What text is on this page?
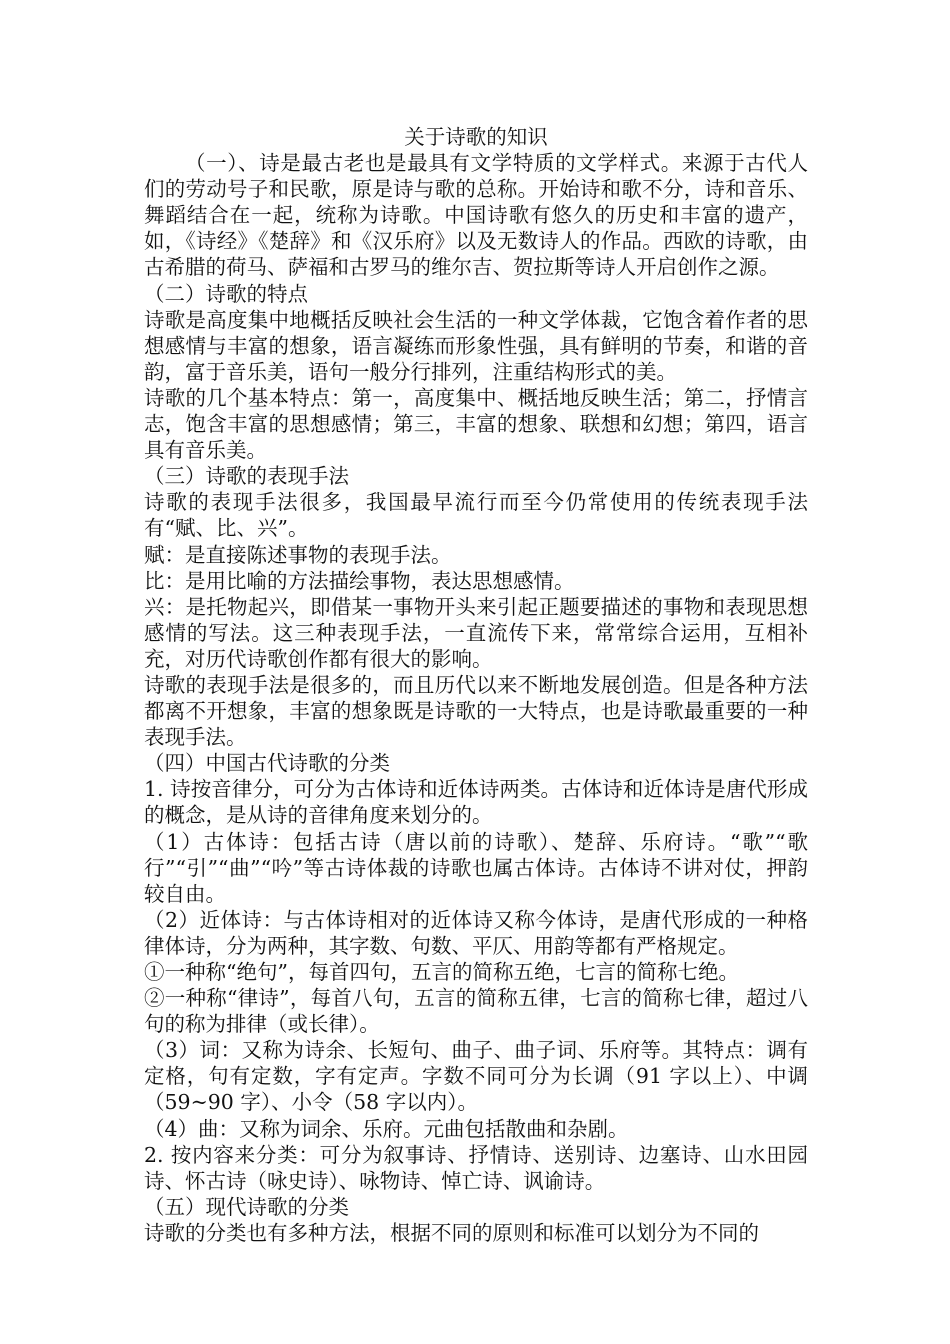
关于诗歌的知识

（一）、诗是最古老也是最具有文学特质的文学样式。来源于古代人们的劳动号子和民歌，原是诗与歌的总称。开始诗和歌不分，诗和音乐、舞蹈结合在一起，统称为诗歌。中国诗歌有悠久的历史和丰富的遗产，如，《诗经》《楚辞》和《汉乐府》以及无数诗人的作品。西欧的诗歌，由古希腊的荷马、萨福和古罗马的维尔吉、贺拉斯等诗人开启创作之源。

（二）诗歌的特点

诗歌是高度集中地概括反映社会生活的一种文学体裁，它饱含着作者的思想感情与丰富的想象，语言凝练而形象性强，具有鲜明的节奏，和谐的音韵，富于音乐美，语句一般分行排列，注重结构形式的美。

诗歌的几个基本特点：第一，高度集中、概括地反映生活；第二，抒情言志，饱含丰富的思想感情；第三，丰富的想象、联想和幻想；第四，语言具有音乐美。

（三）诗歌的表现手法

诗歌的表现手法很多，我国最早流行而至今仍常使用的传统表现手法有“赋、比、兴”。

赋：是直接陈述事物的表现手法。

比：是用比喻的方法描绘事物，表达思想感情。

兴：是托物起兴，即借某一事物开头来引起正题要描述的事物和表现思想感情的写法。这三种表现手法，一直流传下来，常常综合运用，互相补充，对历代诗歌创作都有很大的影响。

诗歌的表现手法是很多的，而且历代以来不断地发展创造。但是各种方法都离不开想象，丰富的想象既是诗歌的一大特点，也是诗歌最重要的一种表现手法。

（四）中国古代诗歌的分类

1. 诗按音律分，可分为古体诗和近体诗两类。古体诗和近体诗是唐代形成的概念，是从诗的音律角度来划分的。

（1）古体诗：包括古诗（唐以前的诗歌）、楚辞、乐府诗。“歌”“歌行”“引”“曲”“吟”等古诗体裁的诗歌也属古体诗。古体诗不讲对仗，押韵较自由。

（2）近体诗：与古体诗相对的近体诗又称今体诗，是唐代形成的一种格律体诗，分为两种，其字数、句数、平仄、用韵等都有严格规定。

①一种称“绝句”，每首四句，五言的简称五绝，七言的简称七绝。

②一种称“律诗”，每首八句，五言的简称五律，七言的简称七律，超过八句的称为排律（或长律）。

（3）词：又称为诗余、长短句、曲子、曲子词、乐府等。其特点：调有定格，句有定数，字有定声。字数不同可分为长调（91 字以上）、中调（59~90 字）、小令（58 字以内）。

（4）曲：又称为词余、乐府。元曲包括散曲和杂剧。

2. 按内容来分类：可分为叙事诗、抒情诗、送别诗、边塞诗、山水田园诗、怀古诗（咏史诗）、咏物诗、悼亡诗、讽谕诗。

（五）现代诗歌的分类

诗歌的分类也有多种方法，根据不同的原则和标准可以划分为不同的
